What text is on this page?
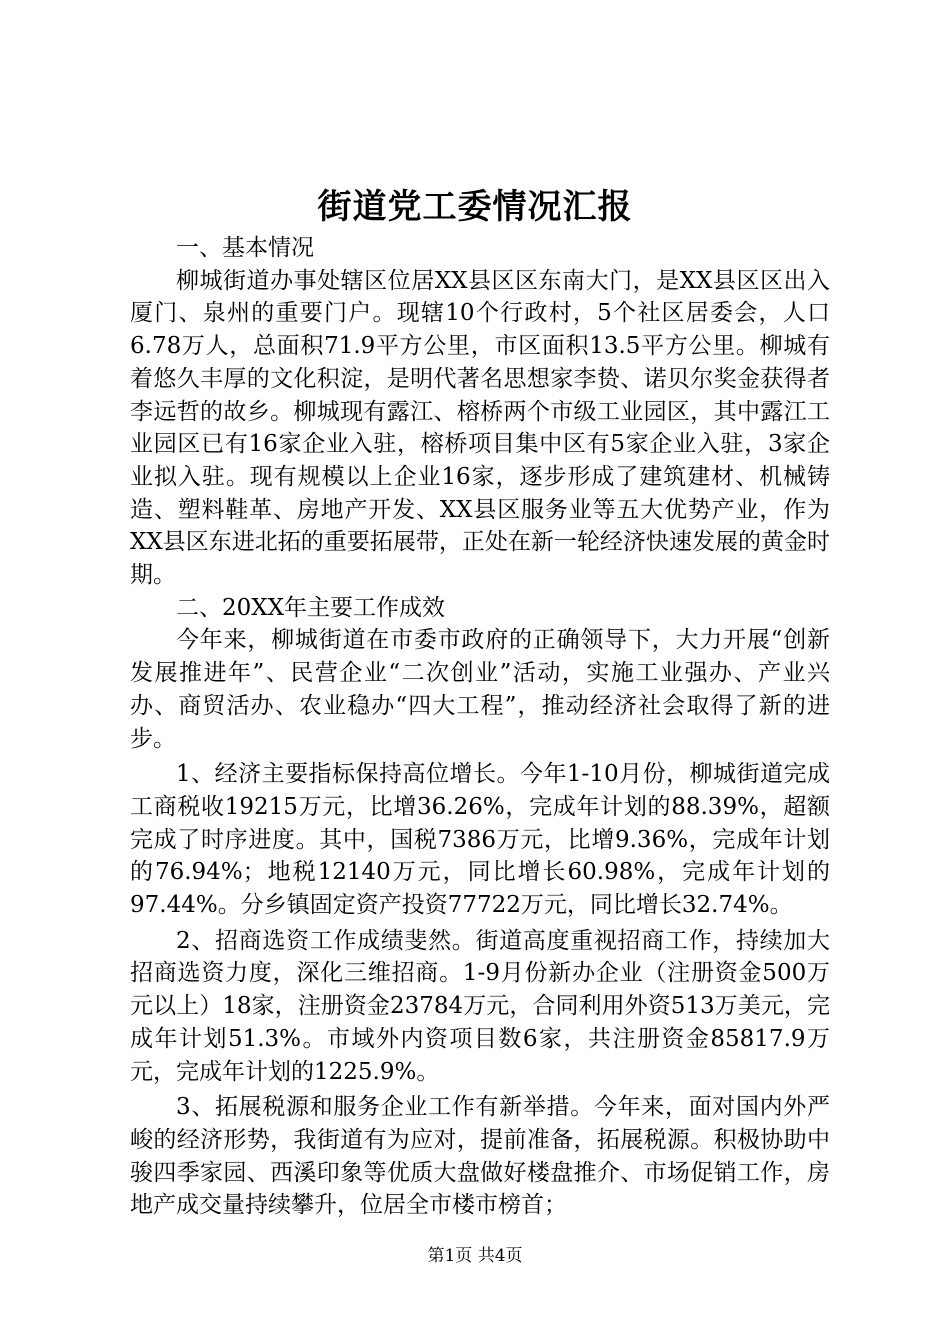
街道党工委情况汇报

一、基本情况

柳城街道办事处辖区位居XX县区区东南大门，是XX县区区出入厦门、泉州的重要门户。现辖10个行政村，5个社区居委会，人口6.78万人，总面积71.9平方公里，市区面积13.5平方公里。柳城有着悠久丰厚的文化积淀，是明代著名思想家李贽、诺贝尔奖金获得者李远哲的故乡。柳城现有露江、榕桥两个市级工业园区，其中露江工业园区已有16家企业入驻，榕桥项目集中区有5家企业入驻，3家企业拟入驻。现有规模以上企业16家，逐步形成了建筑建材、机械铸造、塑料鞋革、房地产开发、XX县区服务业等五大优势产业，作为XX县区东进北拓的重要拓展带，正处在新一轮经济快速发展的黄金时期。

二、20XX年主要工作成效

今年来，柳城街道在市委市政府的正确领导下，大力开展“创新发展推进年”、民营企业“二次创业”活动，实施工业强办、产业兴办、商贸活办、农业稳办“四大工程”，推动经济社会取得了新的进步。

1、经济主要指标保持高位增长。今年1-10月份，柳城街道完成工商税收19215万元，比增36.26%，完成年计划的88.39%，超额完成了时序进度。其中，国税7386万元，比增9.36%，完成年计划的76.94%；地税12140万元，同比增长60.98%，完成年计划的97.44%。分乡镇固定资产投资77722万元，同比增长32.74%。

2、招商选资工作成绩斐然。街道高度重视招商工作，持续加大招商选资力度，深化三维招商。1-9月份新办企业（注册资金500万元以上）18家，注册资金23784万元，合同利用外资513万美元，完成年计划51.3%。市域外内资项目数6家，共注册资金85817.9万元，完成年计划的1225.9%。

3、拓展税源和服务企业工作有新举措。今年来，面对国内外严峻的经济形势，我街道有为应对，提前准备，拓展税源。积极协助中骏四季家园、西溪印象等优质大盘做好楼盘推介、市场促销工作，房地产成交量持续攀升，位居全市楼市榜首；

第1页 共4页
